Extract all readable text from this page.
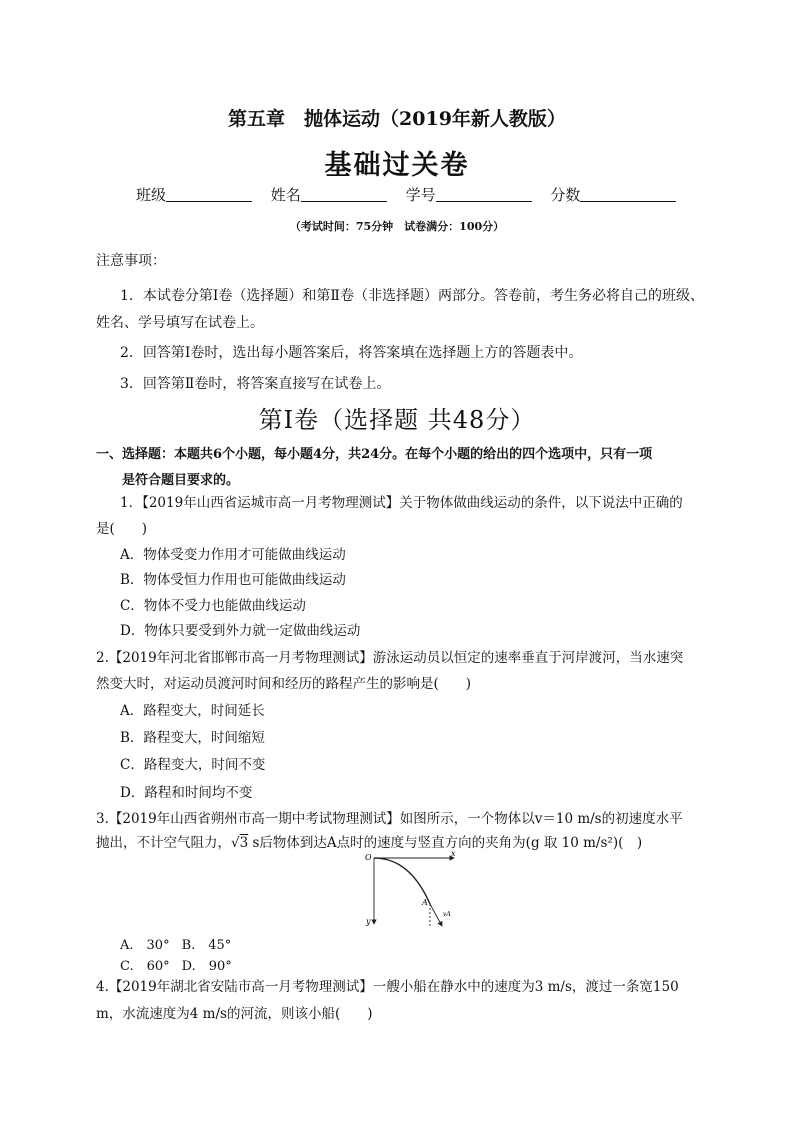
第五章　抛体运动（2019年新人教版）
基础过关卷
班级	姓名	学号	分数
（考试时间：75分钟　试卷满分：100分）
注意事项：
1．本试卷分第Ⅰ卷（选择题）和第Ⅱ卷（非选择题）两部分。答卷前，考生务必将自己的班级、姓名、学号填写在试卷上。
2．回答第Ⅰ卷时，选出每小题答案后，将答案填在选择题上方的答题表中。
3．回答第Ⅱ卷时，将答案直接写在试卷上。
第Ⅰ卷（选择题 共48分）
一、选择题：本题共6个小题，每小题4分，共24分。在每个小题的给出的四个选项中，只有一项
是符合题目要求的。
1．【2019年山西省运城市高一月考物理测试】关于物体做曲线运动的条件，以下说法中正确的
是(　　)
A．物体受变力作用才可能做曲线运动
B．物体受恒力作用也可能做曲线运动
C．物体不受力也能做曲线运动
D．物体只要受到外力就一定做曲线运动
2.【2019年河北省邯郸市高一月考物理测试】游泳运动员以恒定的速率垂直于河岸渡河，当水速突
然变大时，对运动员渡河时间和经历的路程产生的影响是(　　)
A．路程变大，时间延长
B．路程变大，时间缩短
C．路程变大，时间不变
D．路程和时间均不变
3.【2019年山西省朔州市高一期中考试物理测试】如图所示，一个物体以v＝10 m/s的初速度水平
抛出，不计空气阻力，√3 s后物体到达A点时的速度与竖直方向的夹角为(g 取 10 m/s²)(　)
O	x
y
A
vA
A.　30° B.　45°
C.　60° D.　90°
4.【2019年湖北省安陆市高一月考物理测试】一艘小船在静水中的速度为3 m/s，渡过一条宽150
m，水流速度为4 m/s的河流，则该小船(　　)
